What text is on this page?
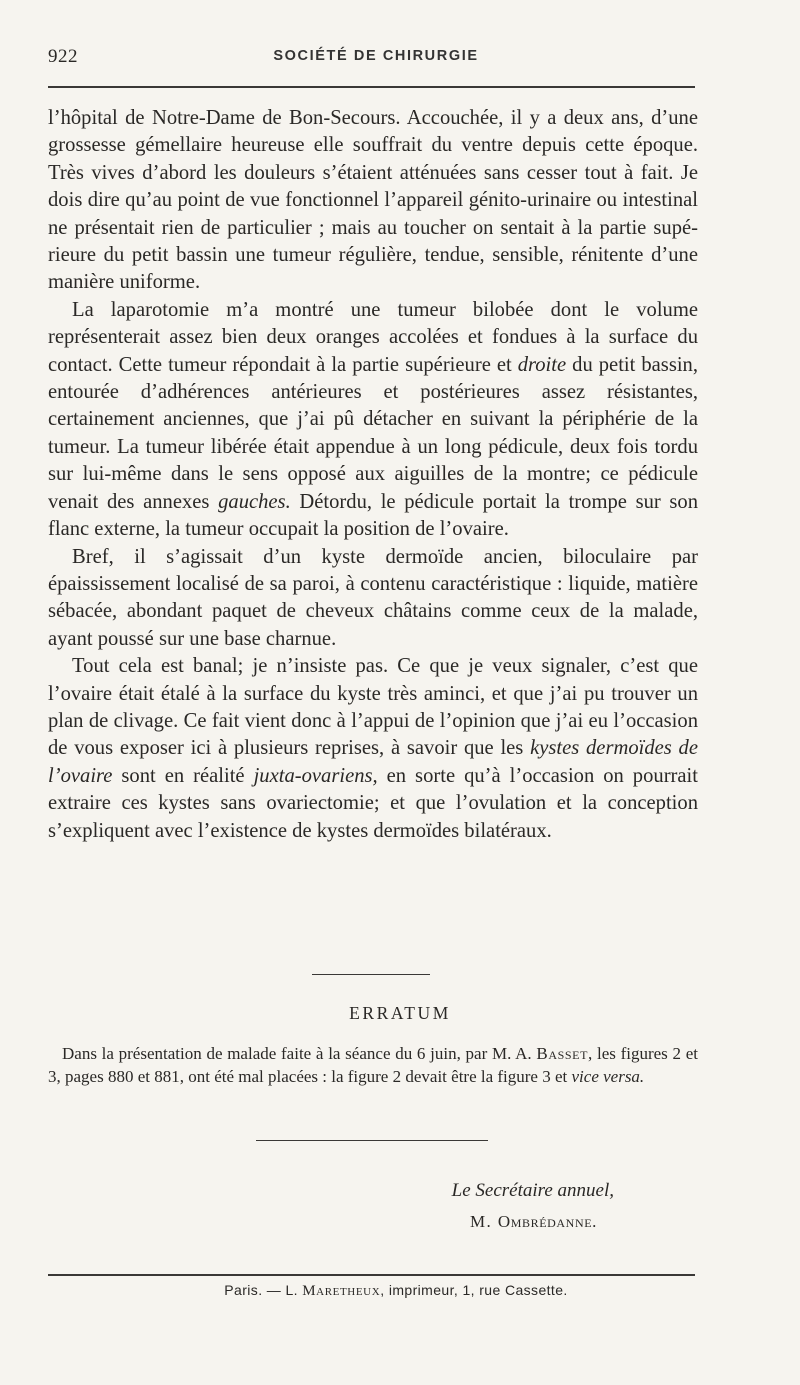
922	SOCIÉTÉ DE CHIRURGIE

l’hôpital de Notre-Dame de Bon-Secours. Accouchée, il y a deux ans, d’une grossesse gémellaire heureuse elle souffrait du ventre depuis cette époque. Très vives d’abord les douleurs s’étaient atténuées sans cesser tout à fait. Je dois dire qu’au point de vue fonctionnel l’appareil génito-urinaire ou intestinal ne présentait rien de particulier ; mais au toucher on sentait à la partie supérieure du petit bassin une tumeur régulière, tendue, sensible, rénitente d’une manière uniforme.

La laparotomie m’a montré une tumeur bilobée dont le volume représenterait assez bien deux oranges accolées et fondues à la surface du contact. Cette tumeur répondait à la partie supérieure et droite du petit bassin, entourée d’adhérences antérieures et postérieures assez résistantes, certainement anciennes, que j’ai pû détacher en suivant la périphérie de la tumeur. La tumeur libérée était appendue à un long pédicule, deux fois tordu sur lui-même dans le sens opposé aux aiguilles de la montre; ce pédicule venait des annexes gauches. Détordu, le pédicule portait la trompe sur son flanc externe, la tumeur occupait la position de l’ovaire.

Bref, il s’agissait d’un kyste dermoïde ancien, biloculaire par épaississement localisé de sa paroi, à contenu caractéristique : liquide, matière sébacée, abondant paquet de cheveux châtains comme ceux de la malade, ayant poussé sur une base charnue.

Tout cela est banal; je n’insiste pas. Ce que je veux signaler, c’est que l’ovaire était étalé à la surface du kyste très aminci, et que j’ai pu trouver un plan de clivage. Ce fait vient donc à l’appui de l’opinion que j’ai eu l’occasion de vous exposer ici à plusieurs reprises, à savoir que les kystes dermoïdes de l’ovaire sont en réalité juxta-ovariens, en sorte qu’à l’occasion on pourrait extraire ces kystes sans ovariectomie; et que l’ovulation et la conception s’expliquent avec l’existence de kystes dermoïdes bilatéraux.

ERRATUM

Dans la présentation de malade faite à la séance du 6 juin, par M. A. Basset, les figures 2 et 3, pages 880 et 881, ont été mal placées : la figure 2 devait être la figure 3 et vice versa.

Le Secrétaire annuel,
M. Ombrédanne.
Paris. — L. Maretheux, imprimeur, 1, rue Cassette.
